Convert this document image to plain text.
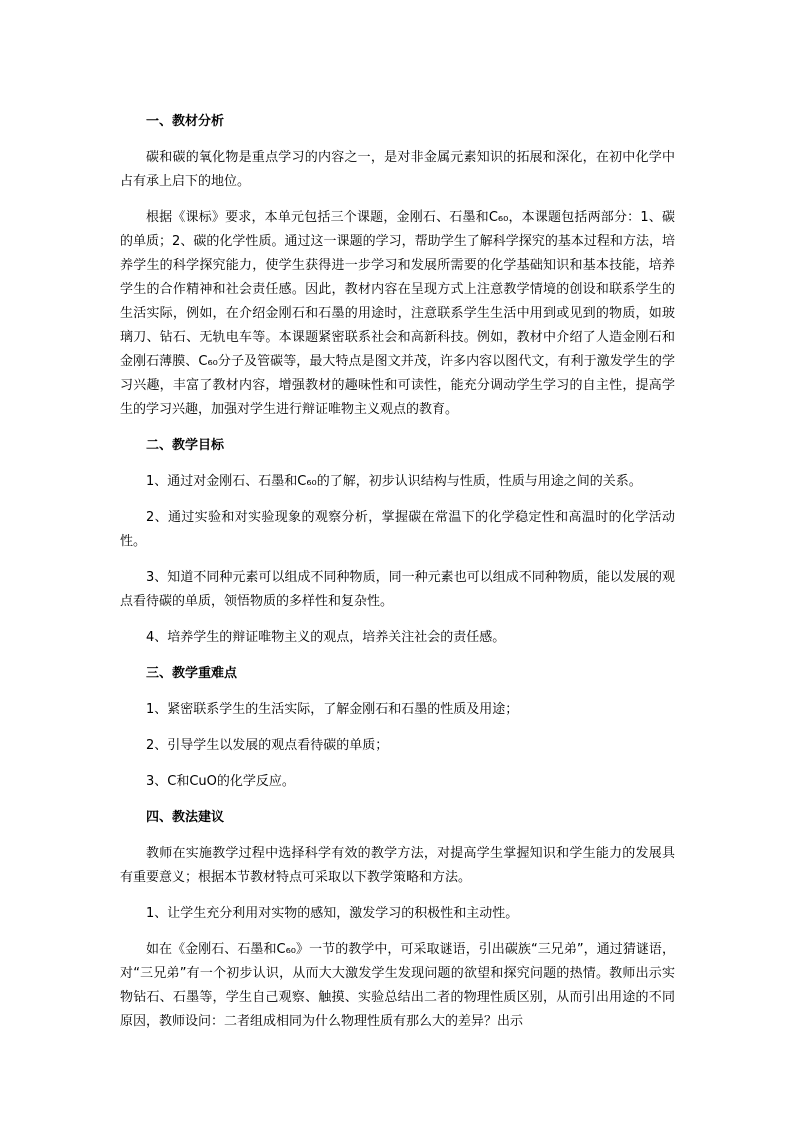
一、教材分析
碳和碳的氧化物是重点学习的内容之一，是对非金属元素知识的拓展和深化，在初中化学中占有承上启下的地位。
根据《课标》要求，本单元包括三个课题，金刚石、石墨和C₆₀，本课题包括两部分：1、碳的单质；2、碳的化学性质。通过这一课题的学习，帮助学生了解科学探究的基本过程和方法，培养学生的科学探究能力，使学生获得进一步学习和发展所需要的化学基础知识和基本技能，培养学生的合作精神和社会责任感。因此，教材内容在呈现方式上注意教学情境的创设和联系学生的生活实际，例如，在介绍金刚石和石墨的用途时，注意联系学生生活中用到或见到的物质，如玻璃刀、钻石、无轨电车等。本课题紧密联系社会和高新科技。例如，教材中介绍了人造金刚石和金刚石薄膜、C₆₀分子及管碳等，最大特点是图文并茂，许多内容以图代文，有利于激发学生的学习兴趣，丰富了教材内容，增强教材的趣味性和可读性，能充分调动学生学习的自主性，提高学生的学习兴趣，加强对学生进行辩证唯物主义观点的教育。
二、教学目标
1、通过对金刚石、石墨和C₆₀的了解，初步认识结构与性质，性质与用途之间的关系。
2、通过实验和对实验现象的观察分析，掌握碳在常温下的化学稳定性和高温时的化学活动性。
3、知道不同种元素可以组成不同种物质，同一种元素也可以组成不同种物质，能以发展的观点看待碳的单质，领悟物质的多样性和复杂性。
4、培养学生的辩证唯物主义的观点，培养关注社会的责任感。
三、教学重难点
1、紧密联系学生的生活实际，了解金刚石和石墨的性质及用途；
2、引导学生以发展的观点看待碳的单质；
3、C和CuO的化学反应。
四、教法建议
教师在实施教学过程中选择科学有效的教学方法，对提高学生掌握知识和学生能力的发展具有重要意义；根据本节教材特点可采取以下教学策略和方法。
1、让学生充分利用对实物的感知，激发学习的积极性和主动性。
如在《金刚石、石墨和C₆₀》一节的教学中，可采取谜语，引出碳族“三兄弟”，通过猜谜语，对“三兄弟”有一个初步认识，从而大大激发学生发现问题的欲望和探究问题的热情。教师出示实物钻石、石墨等，学生自己观察、触摸、实验总结出二者的物理性质区别，从而引出用途的不同原因，教师设问：二者组成相同为什么物理性质有那么大的差异？出示
